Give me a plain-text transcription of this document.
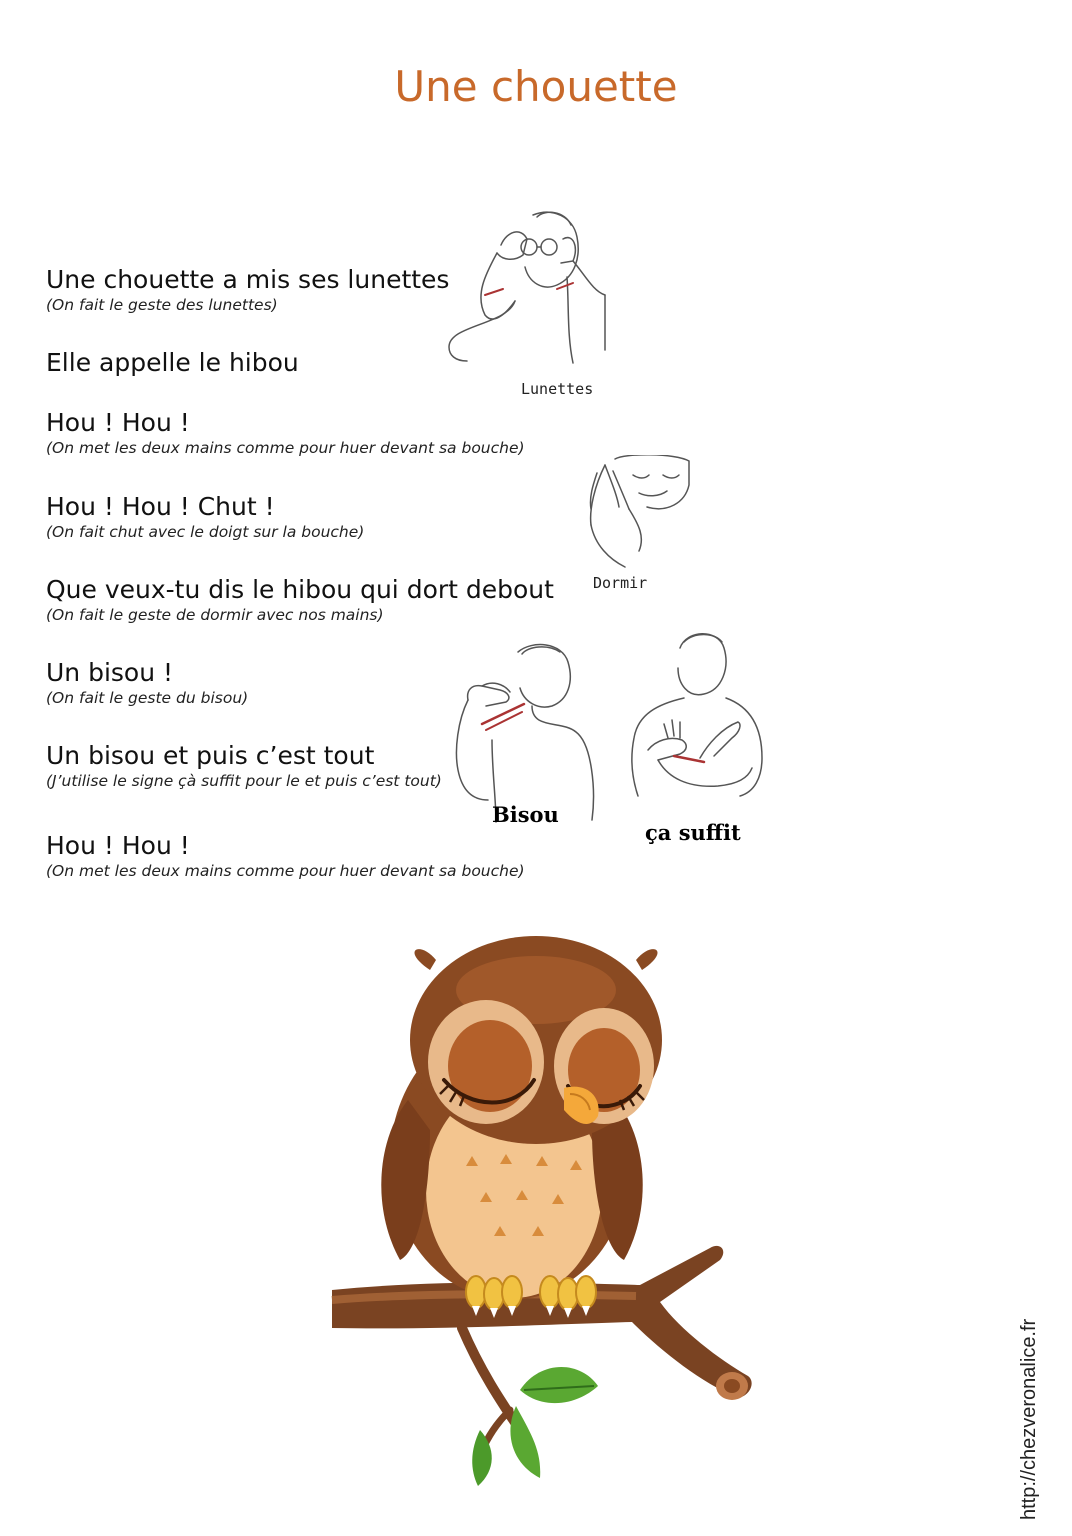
Une chouette
Une chouette a mis ses lunettes
(On fait le geste des lunettes)
Elle appelle le hibou
Hou ! Hou !
(On met les deux mains comme pour huer devant sa bouche)
Hou ! Hou ! Chut !
(On fait chut avec le doigt sur la bouche)
Que veux-tu dis le hibou qui dort debout
(On fait le geste de dormir avec nos mains)
Un bisou !
(On fait le geste du bisou)
Un bisou et puis c’est tout
(J’utilise le signe çà suffit pour le et puis c’est tout)
Hou ! Hou !
(On met les deux mains comme pour huer devant sa bouche)
Lunettes
Dormir
Bisou
ça suffit
http://chezveronalice.fr
